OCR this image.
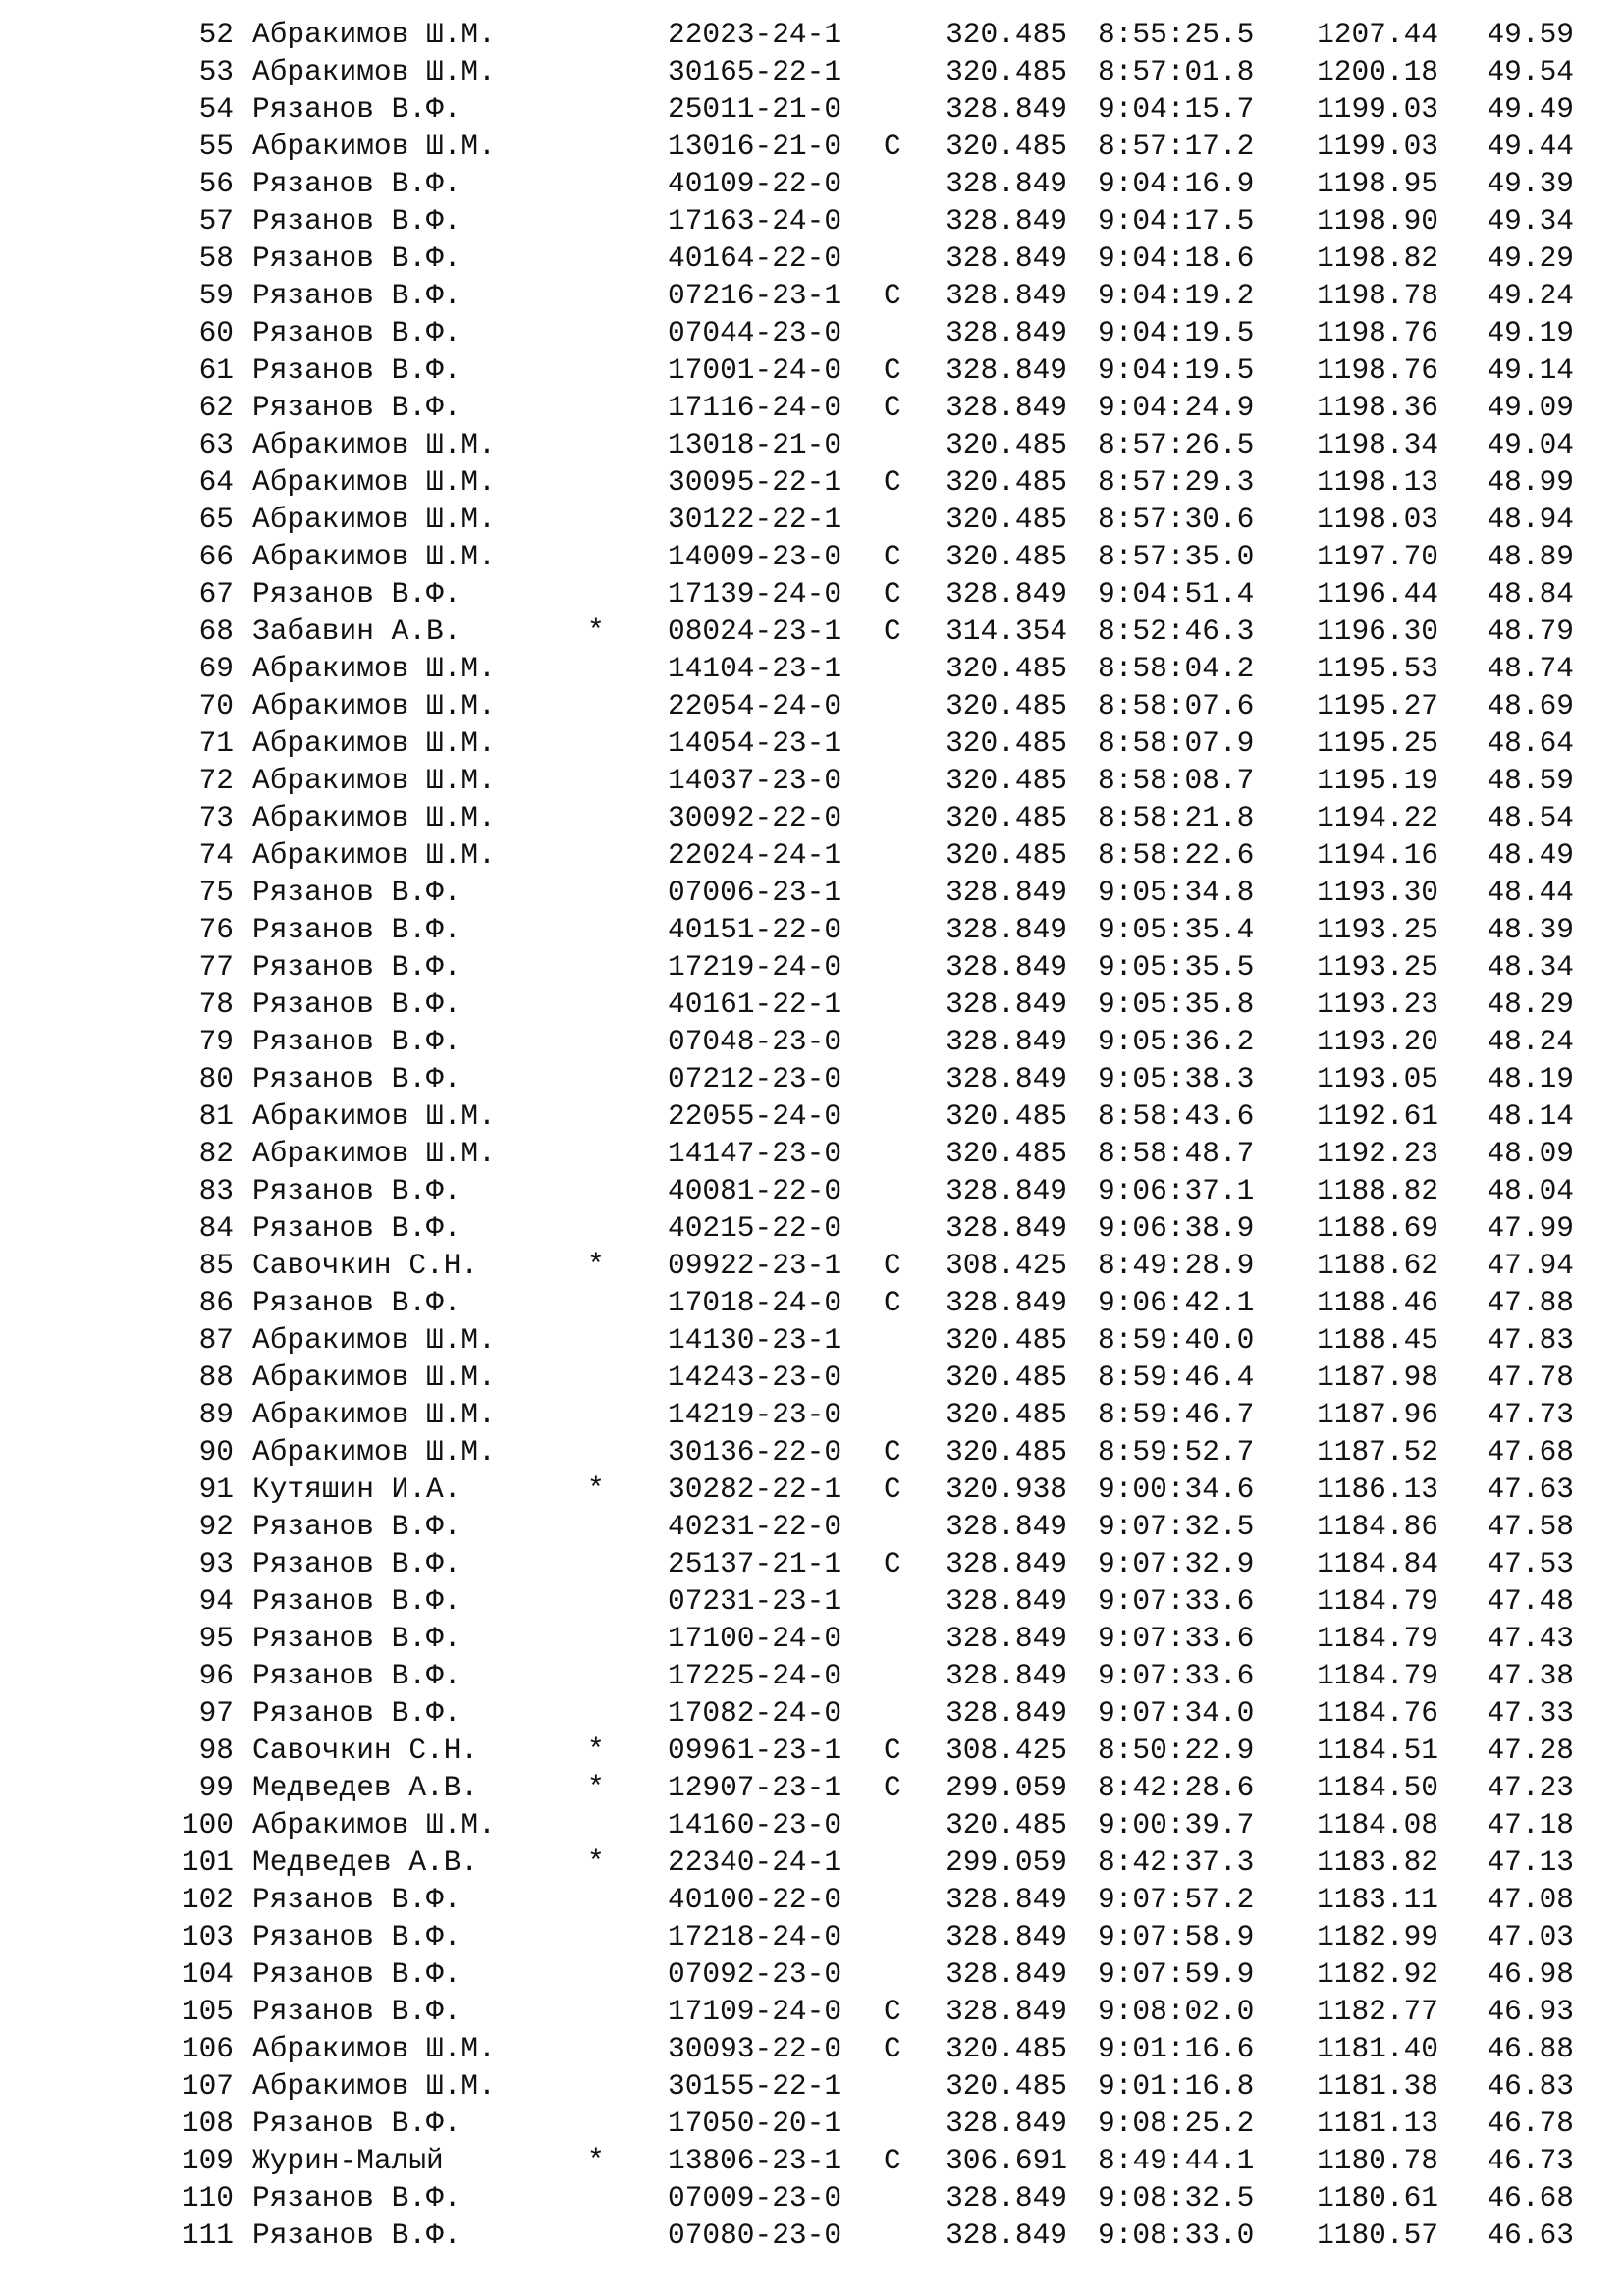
52 Абракимов Ш.М.	22023-24-1	320.485 8:55:25.5	1207.44	49.59
53 Абракимов Ш.М.	30165-22-1	320.485 8:57:01.8	1200.18	49.54
54 Рязанов В.Ф.	25011-21-0	328.849 9:04:15.7	1199.03	49.49
55 Абракимов Ш.М.	13016-21-0 С	320.485 8:57:17.2	1199.03	49.44
56 Рязанов В.Ф.	40109-22-0	328.849 9:04:16.9	1198.95	49.39
57 Рязанов В.Ф.	17163-24-0	328.849 9:04:17.5	1198.90	49.34
58 Рязанов В.Ф.	40164-22-0	328.849 9:04:18.6	1198.82	49.29
59 Рязанов В.Ф.	07216-23-1 С	328.849 9:04:19.2	1198.78	49.24
60 Рязанов В.Ф.	07044-23-0	328.849 9:04:19.5	1198.76	49.19
61 Рязанов В.Ф.	17001-24-0 С	328.849 9:04:19.5	1198.76	49.14
62 Рязанов В.Ф.	17116-24-0 С	328.849 9:04:24.9	1198.36	49.09
63 Абракимов Ш.М.	13018-21-0	320.485 8:57:26.5	1198.34	49.04
64 Абракимов Ш.М.	30095-22-1 С	320.485 8:57:29.3	1198.13	48.99
65 Абракимов Ш.М.	30122-22-1	320.485 8:57:30.6	1198.03	48.94
66 Абракимов Ш.М.	14009-23-0 С	320.485 8:57:35.0	1197.70	48.89
67 Рязанов В.Ф.	17139-24-0 С	328.849 9:04:51.4	1196.44	48.84
68 Забавин А.В.	* 08024-23-1 С	314.354 8:52:46.3	1196.30	48.79
69 Абракимов Ш.М.	14104-23-1	320.485 8:58:04.2	1195.53	48.74
70 Абракимов Ш.М.	22054-24-0	320.485 8:58:07.6	1195.27	48.69
71 Абракимов Ш.М.	14054-23-1	320.485 8:58:07.9	1195.25	48.64
72 Абракимов Ш.М.	14037-23-0	320.485 8:58:08.7	1195.19	48.59
73 Абракимов Ш.М.	30092-22-0	320.485 8:58:21.8	1194.22	48.54
74 Абракимов Ш.М.	22024-24-1	320.485 8:58:22.6	1194.16	48.49
75 Рязанов В.Ф.	07006-23-1	328.849 9:05:34.8	1193.30	48.44
76 Рязанов В.Ф.	40151-22-0	328.849 9:05:35.4	1193.25	48.39
77 Рязанов В.Ф.	17219-24-0	328.849 9:05:35.5	1193.25	48.34
78 Рязанов В.Ф.	40161-22-1	328.849 9:05:35.8	1193.23	48.29
79 Рязанов В.Ф.	07048-23-0	328.849 9:05:36.2	1193.20	48.24
80 Рязанов В.Ф.	07212-23-0	328.849 9:05:38.3	1193.05	48.19
81 Абракимов Ш.М.	22055-24-0	320.485 8:58:43.6	1192.61	48.14
82 Абракимов Ш.М.	14147-23-0	320.485 8:58:48.7	1192.23	48.09
83 Рязанов В.Ф.	40081-22-0	328.849 9:06:37.1	1188.82	48.04
84 Рязанов В.Ф.	40215-22-0	328.849 9:06:38.9	1188.69	47.99
85 Савочкин С.Н.	* 09922-23-1 С	308.425 8:49:28.9	1188.62	47.94
86 Рязанов В.Ф.	17018-24-0 С	328.849 9:06:42.1	1188.46	47.88
87 Абракимов Ш.М.	14130-23-1	320.485 8:59:40.0	1188.45	47.83
88 Абракимов Ш.М.	14243-23-0	320.485 8:59:46.4	1187.98	47.78
89 Абракимов Ш.М.	14219-23-0	320.485 8:59:46.7	1187.96	47.73
90 Абракимов Ш.М.	30136-22-0 С	320.485 8:59:52.7	1187.52	47.68
91 Кутяшин И.А.	* 30282-22-1 С	320.938 9:00:34.6	1186.13	47.63
92 Рязанов В.Ф.	40231-22-0	328.849 9:07:32.5	1184.86	47.58
93 Рязанов В.Ф.	25137-21-1 С	328.849 9:07:32.9	1184.84	47.53
94 Рязанов В.Ф.	07231-23-1	328.849 9:07:33.6	1184.79	47.48
95 Рязанов В.Ф.	17100-24-0	328.849 9:07:33.6	1184.79	47.43
96 Рязанов В.Ф.	17225-24-0	328.849 9:07:33.6	1184.79	47.38
97 Рязанов В.Ф.	17082-24-0	328.849 9:07:34.0	1184.76	47.33
98 Савочкин С.Н.	* 09961-23-1 С	308.425 8:50:22.9	1184.51	47.28
99 Медведев А.В.	* 12907-23-1 С	299.059 8:42:28.6	1184.50	47.23
100 Абракимов Ш.М.	14160-23-0	320.485 9:00:39.7	1184.08	47.18
101 Медведев А.В.	* 22340-24-1	299.059 8:42:37.3	1183.82	47.13
102 Рязанов В.Ф.	40100-22-0	328.849 9:07:57.2	1183.11	47.08
103 Рязанов В.Ф.	17218-24-0	328.849 9:07:58.9	1182.99	47.03
104 Рязанов В.Ф.	07092-23-0	328.849 9:07:59.9	1182.92	46.98
105 Рязанов В.Ф.	17109-24-0 С	328.849 9:08:02.0	1182.77	46.93
106 Абракимов Ш.М.	30093-22-0 С	320.485 9:01:16.6	1181.40	46.88
107 Абракимов Ш.М.	30155-22-1	320.485 9:01:16.8	1181.38	46.83
108 Рязанов В.Ф.	17050-20-1	328.849 9:08:25.2	1181.13	46.78
109 Журин-Малый	* 13806-23-1 С	306.691 8:49:44.1	1180.78	46.73
110 Рязанов В.Ф.	07009-23-0	328.849 9:08:32.5	1180.61	46.68
111 Рязанов В.Ф.	07080-23-0	328.849 9:08:33.0	1180.57	46.63
